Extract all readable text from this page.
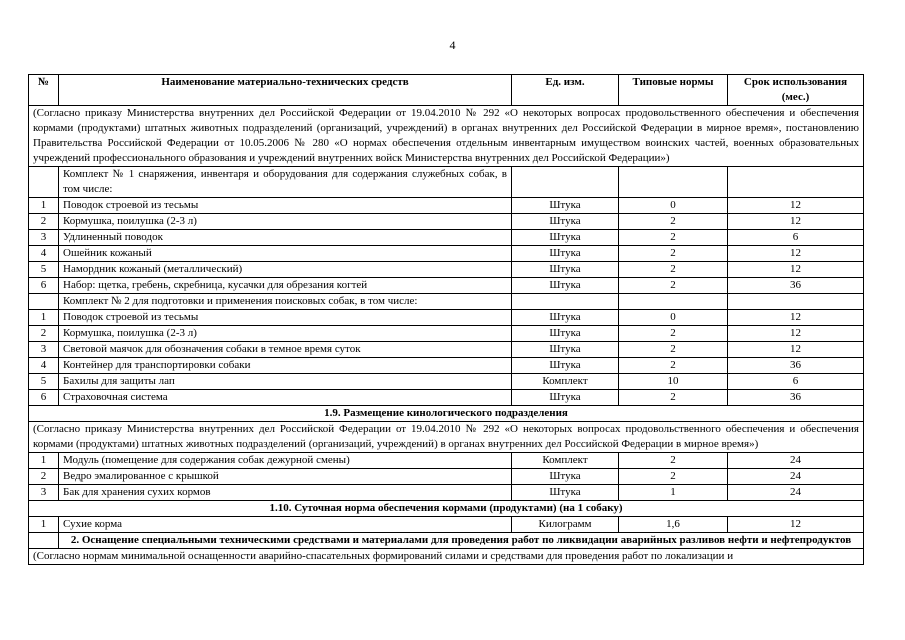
4
№	Наименование материально-технических средств	Ед. изм.	Типовые нормы	Срок использования (мес.)
(Согласно приказу Министерства внутренних дел Российской Федерации от 19.04.2010 № 292 «О некоторых вопросах продовольственного обеспечения и обеспечения кормами (продуктами) штатных животных подразделений (организаций, учреждений) в органах внутренних дел Российской Федерации в мирное время», постановлению Правительства Российской Федерации от 10.05.2006 № 280 «О нормах обеспечения отдельным инвентарным имуществом воинских частей, военных образовательных учреждений профессионального образования и учреждений внутренних войск Министерства внутренних дел Российской Федерации»)				
	Комплект № 1 снаряжения, инвентаря и оборудования для содержания служебных собак, в том числе:			
1	Поводок строевой из тесьмы	Штука	0	12
2	Кормушка, поилушка (2-3 л)	Штука	2	12
3	Удлиненный поводок	Штука	2	6
4	Ошейник кожаный	Штука	2	12
5	Намордник кожаный (металлический)	Штука	2	12
6	Набор: щетка, гребень, скребница, кусачки для обрезания когтей	Штука	2	36
	Комплект № 2 для подготовки и применения поисковых собак, в том числе:			
1	Поводок строевой из тесьмы	Штука	0	12
2	Кормушка, поилушка (2-3 л)	Штука	2	12
3	Световой маячок для обозначения собаки в темное время суток	Штука	2	12
4	Контейнер для транспортировки собаки	Штука	2	36
5	Бахилы для защиты лап	Комплект	10	6
6	Страховочная система	Штука	2	36
1.9. Размещение кинологического подразделения				
(Согласно приказу Министерства внутренних дел Российской Федерации от 19.04.2010 № 292 «О некоторых вопросах продовольственного обеспечения и обеспечения кормами (продуктами) штатных животных подразделений (организаций, учреждений) в органах внутренних дел Российской Федерации в мирное время»)				
1	Модуль (помещение для содержания собак дежурной смены)	Комплект	2	24
2	Ведро эмалированное с крышкой	Штука	2	24
3	Бак для хранения сухих кормов	Штука	1	24
1.10. Суточная норма обеспечения кормами (продуктами) (на 1 собаку)				
1	Сухие корма	Килограмм	1,6	12
	2. Оснащение специальными техническими средствами и материалами для проведения работ по ликвидации аварийных разливов нефти и нефтепродуктов			
(Согласно нормам минимальной оснащенности аварийно-спасательных формирований силами и средствами для проведения работ по локализации и				
